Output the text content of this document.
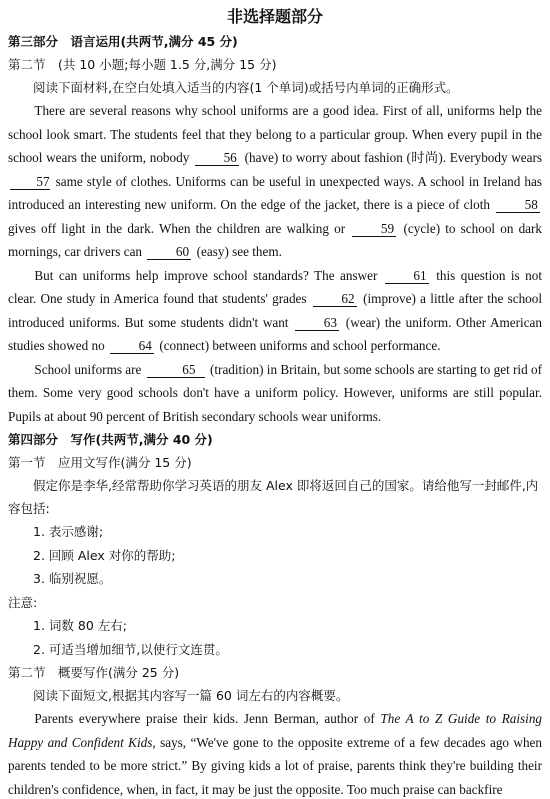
非选择题部分
第三部分　语言运用(共两节,满分 45 分)
第二节　(共 10 小题;每小题 1.5 分,满分 15 分)
阅读下面材料,在空白处填入适当的内容(1 个单词)或括号内单词的正确形式。

There are several reasons why school uniforms are a good idea. First of all, uniforms help the school look smart. The students feel that they belong to a particular group. When every pupil in the school wears the uniform, nobody	56 (have) to worry about fashion (时尚). Everybody wears 57 same style of clothes. Uniforms can be useful in unexpected ways. A school in Ireland has introduced an interesting new uniform. On the edge of the jacket, there is a piece of cloth	58 gives off light in the dark. When the children are walking or	59 (cycle) to school on dark mornings, car drivers can	60 (easy) see them.

But can uniforms help improve school standards? The answer	61 this question is not clear. One study in America found that students' grades	62 (improve) a little after the school introduced uniforms. But some students didn't want	63 (wear) the uniform. Other American studies showed no	64 (connect) between uniforms and school performance.

School uniforms are	65 (tradition) in Britain, but some schools are starting to get rid of them. Some very good schools don't have a uniform policy. However, uniforms are still popular. Pupils at about 90 percent of British secondary schools wear uniforms.

第四部分　写作(共两节,满分 40 分)
第一节　应用文写作(满分 15 分)
假定你是李华,经常帮助你学习英语的朋友 Alex 即将返回自己的国家。请给他写一封邮件,内容包括:
1. 表示感谢;
2. 回顾 Alex 对你的帮助;
3. 临别祝愿。
注意:
1. 词数 80 左右;
2. 可适当增加细节,以使行文连贯。
第二节　概要写作(满分 25 分)
阅读下面短文,根据其内容写一篇 60 词左右的内容概要。

Parents everywhere praise their kids. Jenn Berman, author of The A to Z Guide to Raising Happy and Confident Kids, says, “We've gone to the opposite extreme of a few decades ago when parents tended to be more strict.” By giving kids a lot of praise, parents think they're building their children's confidence, when, in fact, it may be just the opposite. Too much praise can backfire
